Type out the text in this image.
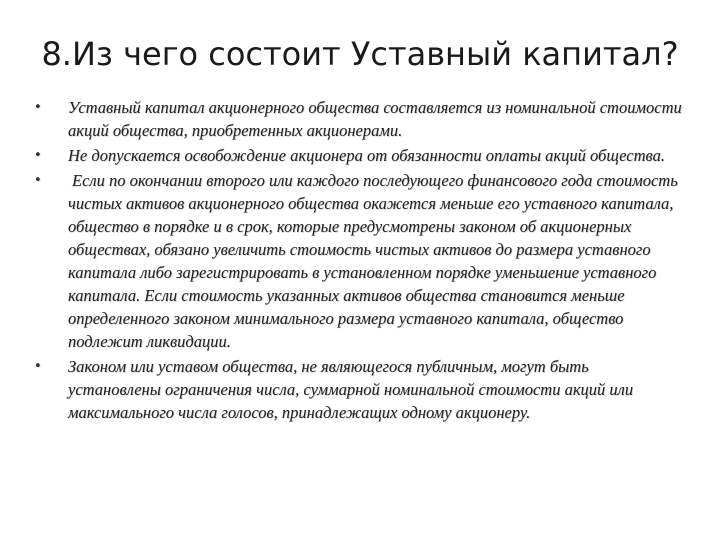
8.Из чего состоит Уставный капитал?
•	Уставный капитал акционерного общества составляется из номинальной стоимости акций общества, приобретенных акционерами.
•	Не допускается освобождение акционера от обязанности оплаты акций общества.
•	Если по окончании второго или каждого последующего финансового года стоимость чистых активов акционерного общества окажется меньше его уставного капитала, общество в порядке и в срок, которые предусмотрены законом об акционерных обществах, обязано увеличить стоимость чистых активов до размера уставного капитала либо зарегистрировать в установленном порядке уменьшение уставного капитала. Если стоимость указанных активов общества становится меньше определенного законом минимального размера уставного капитала, общество подлежит ликвидации.
•	Законом или уставом общества, не являющегося публичным, могут быть установлены ограничения числа, суммарной номинальной стоимости акций или максимального числа голосов, принадлежащих одному акционеру.
